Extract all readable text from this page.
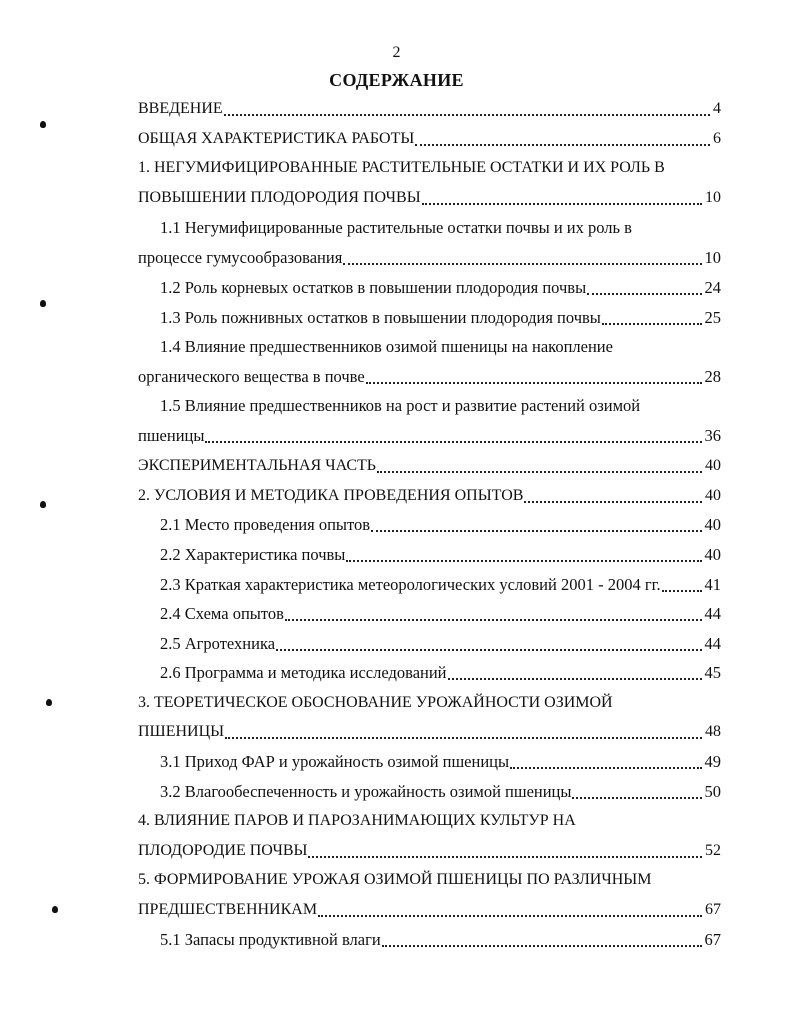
2
СОДЕРЖАНИЕ
ВВЕДЕНИЕ	4
ОБЩАЯ ХАРАКТЕРИСТИКА РАБОТЫ	6
1. НЕГУМИФИЦИРОВАННЫЕ РАСТИТЕЛЬНЫЕ ОСТАТКИ И ИХ РОЛЬ В
ПОВЫШЕНИИ ПЛОДОРОДИЯ ПОЧВЫ	10
1.1 Негумифицированные растительные остатки почвы и их роль в
процессе гумусообразования	10
1.2 Роль корневых остатков в повышении плодородия почвы	24
1.3 Роль пожнивных остатков в повышении плодородия почвы	25
1.4 Влияние предшественников озимой пшеницы на накопление
органического вещества в почве	28
1.5 Влияние предшественников на рост и развитие растений озимой
пшеницы	36
ЭКСПЕРИМЕНТАЛЬНАЯ ЧАСТЬ	40
2. УСЛОВИЯ И МЕТОДИКА ПРОВЕДЕНИЯ ОПЫТОВ	40
2.1 Место проведения опытов	40
2.2 Характеристика почвы	40
2.3 Краткая характеристика метеорологических условий 2001 - 2004 гг.	41
2.4 Схема опытов	44
2.5 Агротехника	44
2.6 Программа и методика исследований	45
3. ТЕОРЕТИЧЕСКОЕ ОБОСНОВАНИЕ УРОЖАЙНОСТИ ОЗИМОЙ
ПШЕНИЦЫ	48
3.1 Приход ФАР и урожайность озимой пшеницы	49
3.2 Влагообеспеченность и урожайность озимой пшеницы	50
4. ВЛИЯНИЕ ПАРОВ И ПАРОЗАНИМАЮЩИХ КУЛЬТУР НА
ПЛОДОРОДИЕ ПОЧВЫ	52
5. ФОРМИРОВАНИЕ УРОЖАЯ ОЗИМОЙ ПШЕНИЦЫ ПО РАЗЛИЧНЫМ
ПРЕДШЕСТВЕННИКАМ	67
5.1 Запасы продуктивной влаги	67
